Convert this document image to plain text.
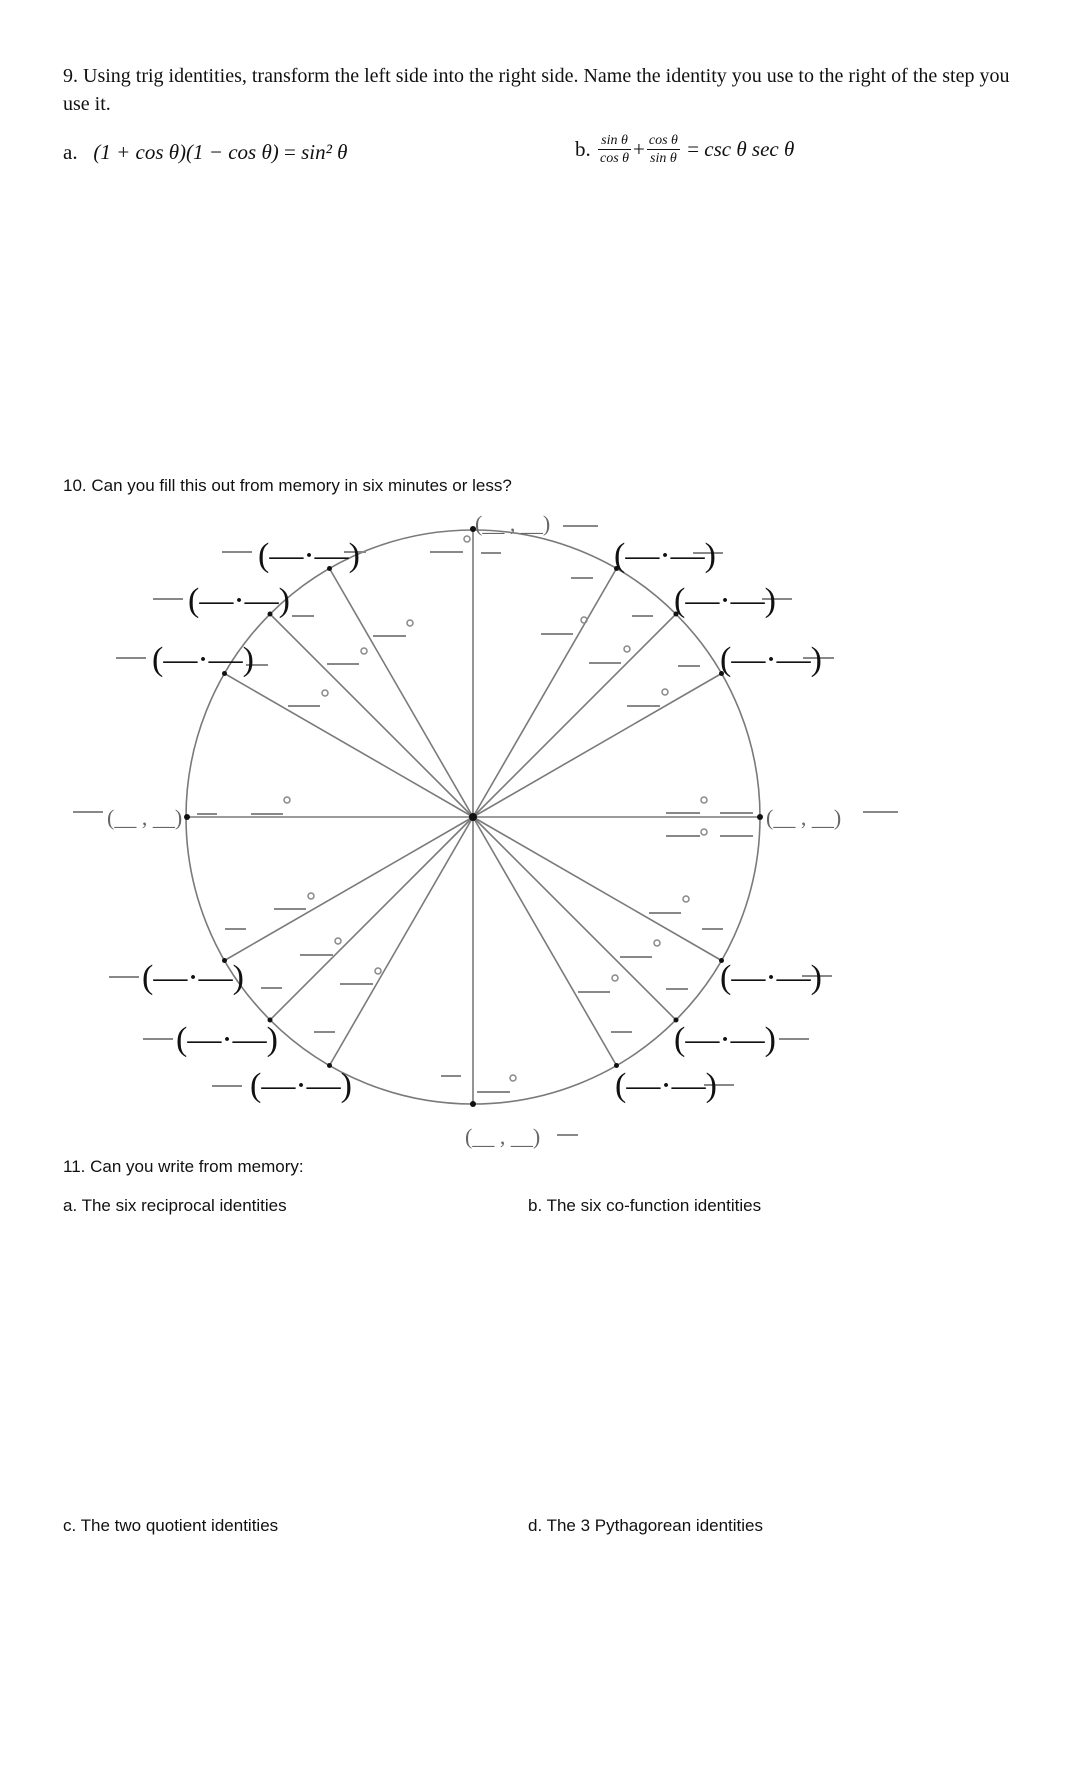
9. Using trig identities, transform the left side into the right side. Name the identity you use to the right of the step you use it.
a. (1 + cos θ)(1 − cos θ) = sin² θ	b. $\frac{\text{sin θ}}{\text{cos θ}} + \frac{\text{cos θ}}{\text{sin θ}} = \csc \theta$ sec θ
10. Can you fill this out from memory in six minutes or less?
(__ , __)
(__ , __)
(__ , __)
(__ , __)
(—·—)
(—·—)
(—·—)
(—·—)
(—·—)
(—·—)
(—·—)
(—·—)
(—·—)
(—·—)
(—·—)
(—·—)
11. Can you write from memory:
a. The six reciprocal identities	b. The six co-function identities
c. The two quotient identities	d. The 3 Pythagorean identities
